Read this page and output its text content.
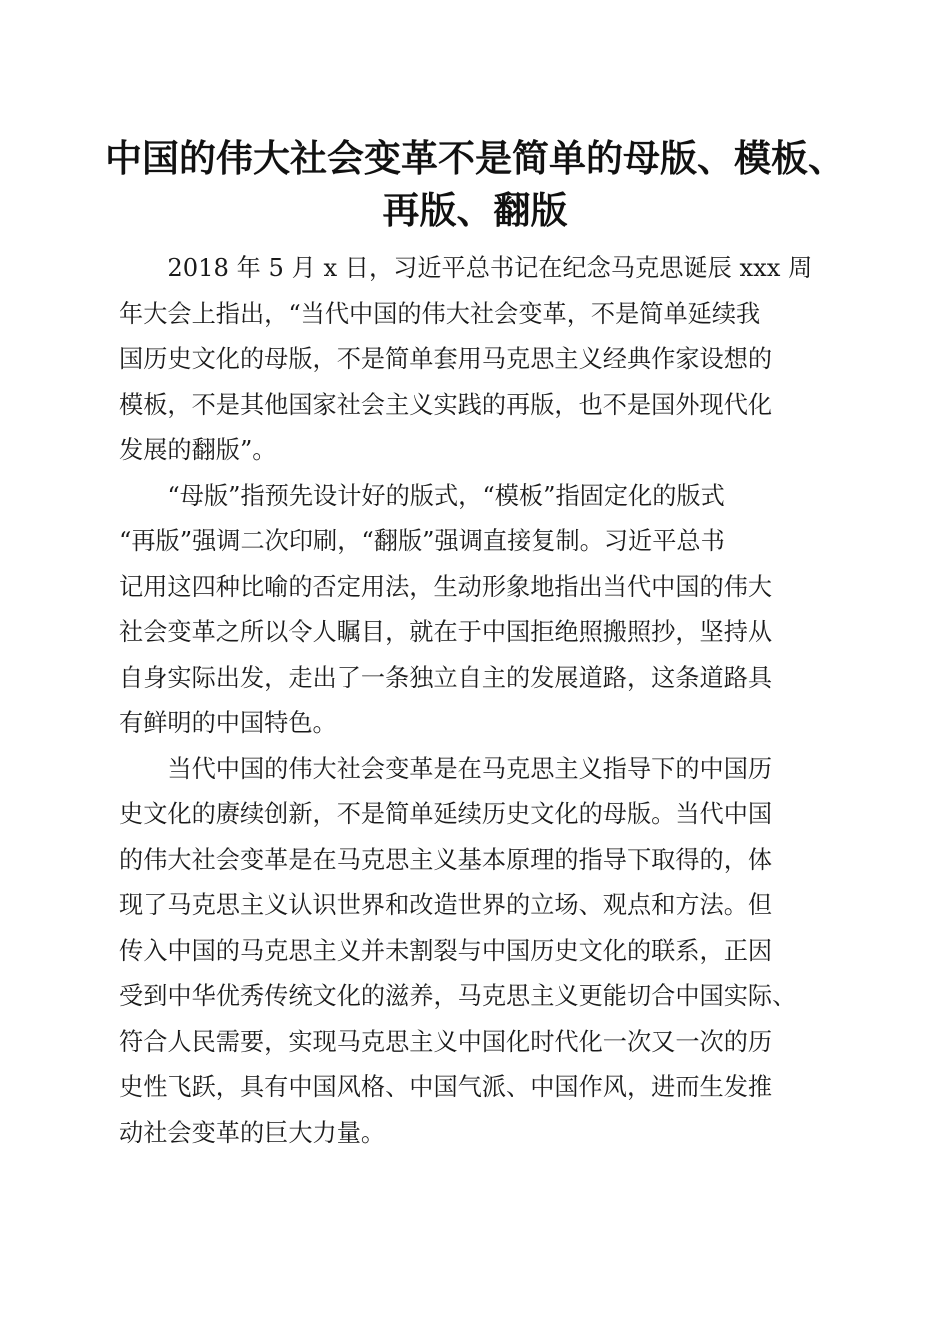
中国的伟大社会变革不是简单的母版、模板、
再版、翻版
2018 年 5 月 x 日，习近平总书记在纪念马克思诞辰 xxx 周
年大会上指出，“当代中国的伟大社会变革，不是简单延续我
国历史文化的母版，不是简单套用马克思主义经典作家设想的
模板，不是其他国家社会主义实践的再版，也不是国外现代化
发展的翻版”。
“母版”指预先设计好的版式，“模板”指固定化的版式
“再版”强调二次印刷，“翻版”强调直接复制。习近平总书
记用这四种比喻的否定用法，生动形象地指出当代中国的伟大
社会变革之所以令人瞩目，就在于中国拒绝照搬照抄，坚持从
自身实际出发，走出了一条独立自主的发展道路，这条道路具
有鲜明的中国特色。
当代中国的伟大社会变革是在马克思主义指导下的中国历
史文化的赓续创新，不是简单延续历史文化的母版。当代中国
的伟大社会变革是在马克思主义基本原理的指导下取得的，体
现了马克思主义认识世界和改造世界的立场、观点和方法。但
传入中国的马克思主义并未割裂与中国历史文化的联系，正因
受到中华优秀传统文化的滋养，马克思主义更能切合中国实际、
符合人民需要，实现马克思主义中国化时代化一次又一次的历
史性飞跃，具有中国风格、中国气派、中国作风，进而生发推
动社会变革的巨大力量。
